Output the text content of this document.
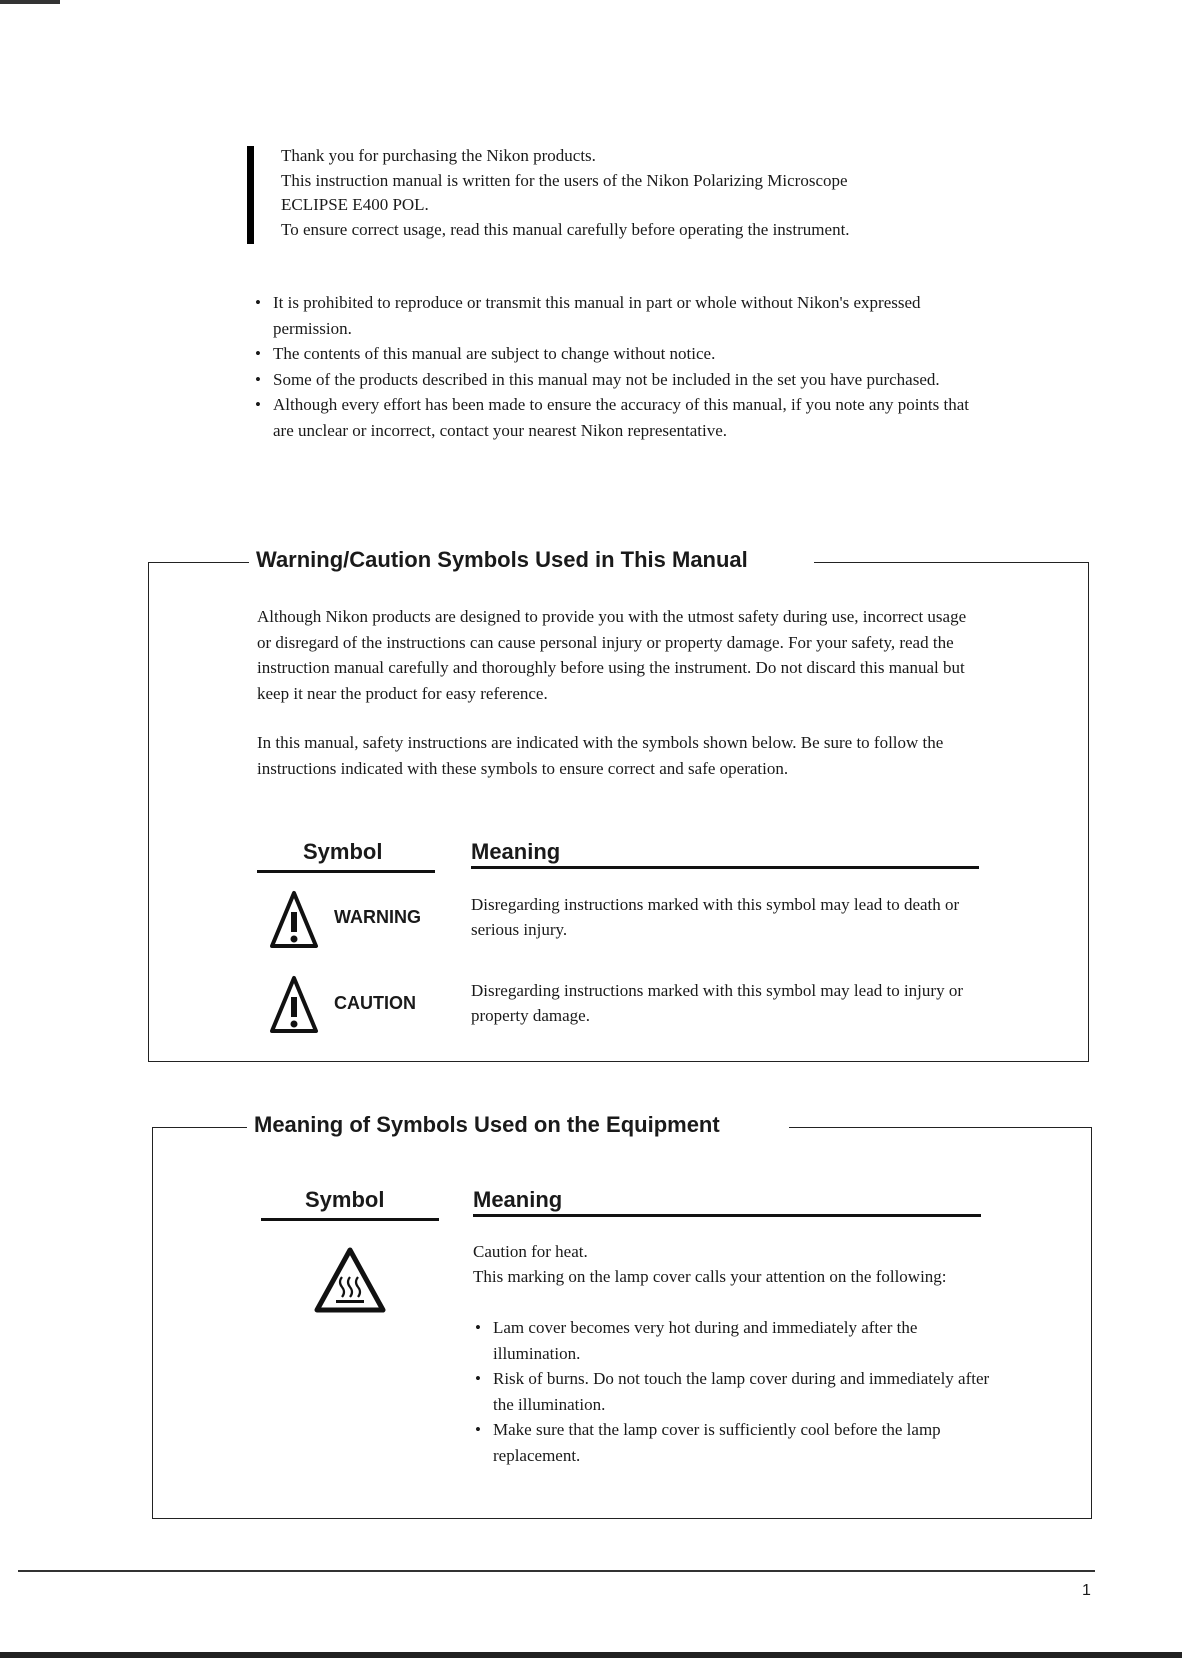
Thank you for purchasing the Nikon products.
This instruction manual is written for the users of the Nikon Polarizing Microscope
ECLIPSE E400 POL.
To ensure correct usage, read this manual carefully before operating the instrument.
• It is prohibited to reproduce or transmit this manual in part or whole without Nikon's expressed permission.
• The contents of this manual are subject to change without notice.
• Some of the products described in this manual may not be included in the set you have purchased.
• Although every effort has been made to ensure the accuracy of this manual, if you note any points that are unclear or incorrect, contact your nearest Nikon representative.
Warning/Caution Symbols Used in This Manual
Although Nikon products are designed to provide you with the utmost safety during use, incorrect usage or disregard of the instructions can cause personal injury or property damage. For your safety, read the instruction manual carefully and thoroughly before using the instrument. Do not discard this manual but keep it near the product for easy reference.
In this manual, safety instructions are indicated with the symbols shown below. Be sure to follow the instructions indicated with these symbols to ensure correct and safe operation.
Symbol	Meaning
WARNING
Disregarding instructions marked with this symbol may lead to death or serious injury.
CAUTION
Disregarding instructions marked with this symbol may lead to injury or property damage.
Meaning of Symbols Used on the Equipment
Symbol	Meaning
Caution for heat.
This marking on the lamp cover calls your attention on the following:
• Lam cover becomes very hot during and immediately after the illumination.
• Risk of burns. Do not touch the lamp cover during and immediately after the illumination.
• Make sure that the lamp cover is sufficiently cool before the lamp replacement.
1
